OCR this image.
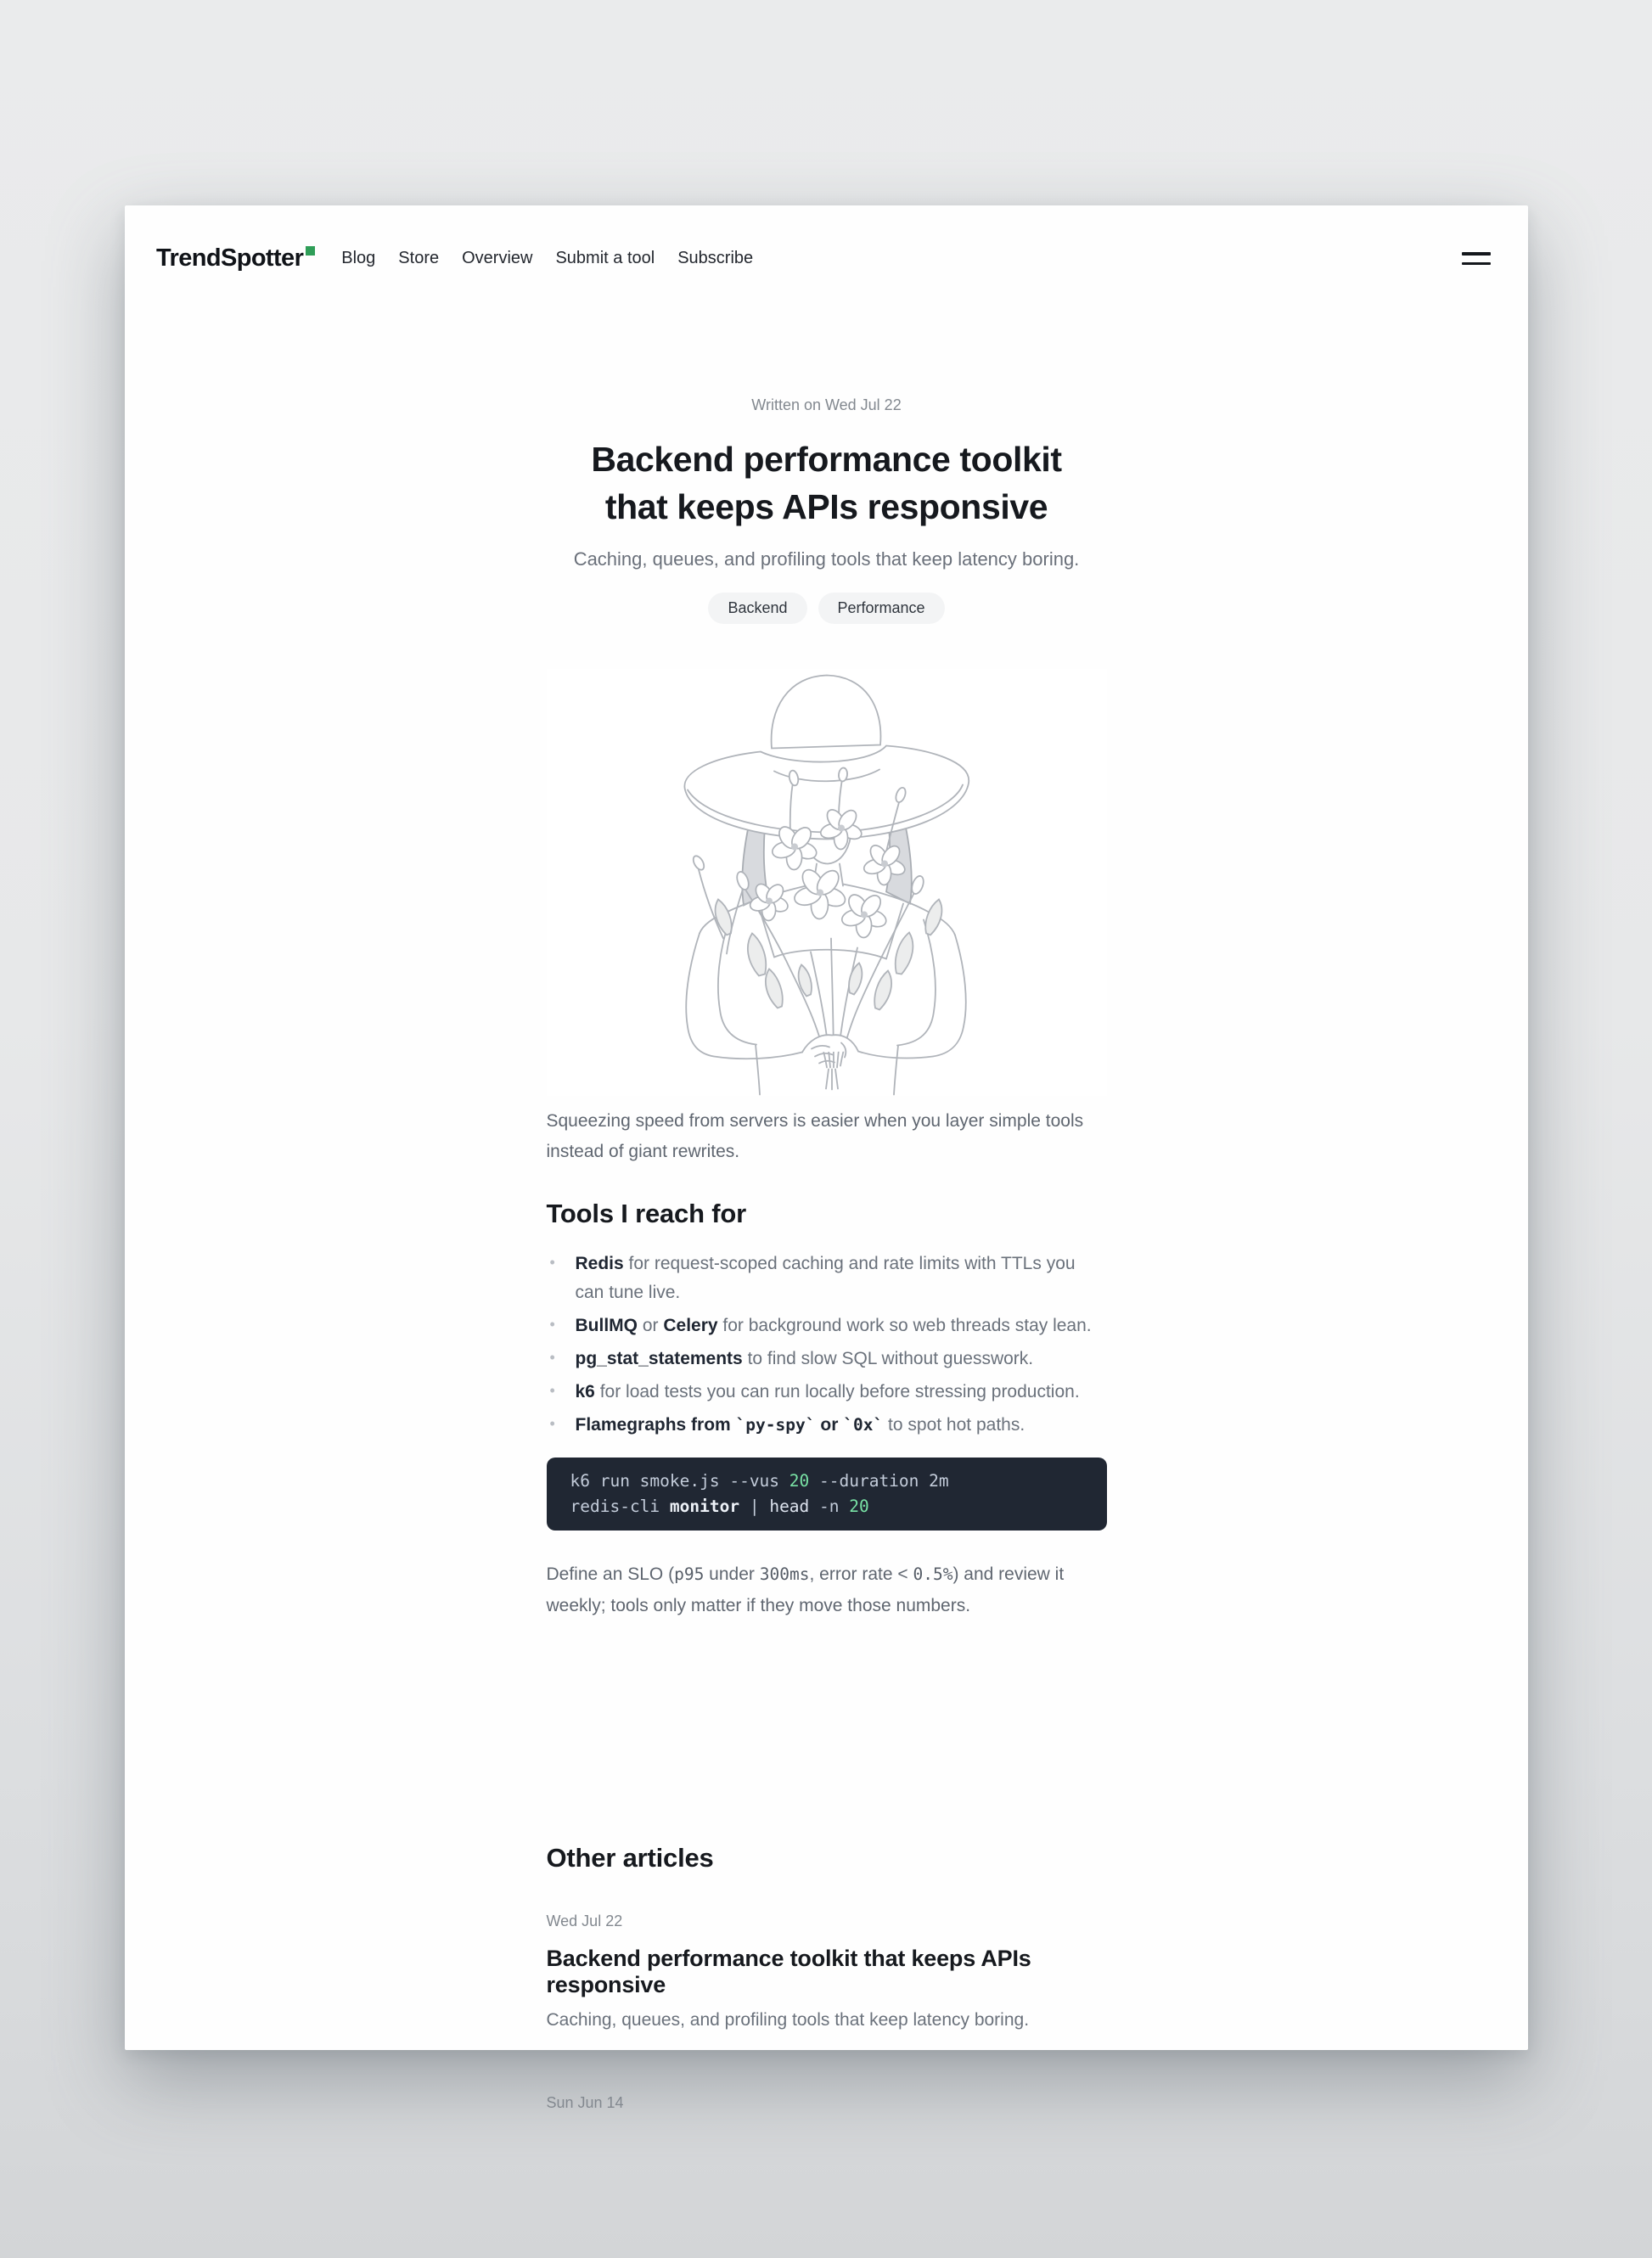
TrendSpotter	Blog Store Overview Submit a tool Subscribe
Written on Wed Jul 22
Backend performance toolkit
that keeps APIs responsive
Caching, queues, and profiling tools that keep latency boring.
Backend	Performance

Squeezing speed from servers is easier when you layer simple tools instead of giant rewrites.

Tools I reach for
• Redis for request-scoped caching and rate limits with TTLs you can tune live.
• BullMQ or Celery for background work so web threads stay lean.
• pg_stat_statements to find slow SQL without guesswork.
• k6 for load tests you can run locally before stressing production.
• Flamegraphs from `py-spy` or `0x` to spot hot paths.
k6 run smoke.js --vus 20 --duration 2m
redis-cli monitor | head -n 20

Define an SLO (p95 under 300ms, error rate < 0.5%) and review it weekly; tools only matter if they move those numbers.

Other articles
Wed Jul 22
Backend performance toolkit that keeps APIs responsive
Caching, queues, and profiling tools that keep latency boring.
Sun Jun 14
